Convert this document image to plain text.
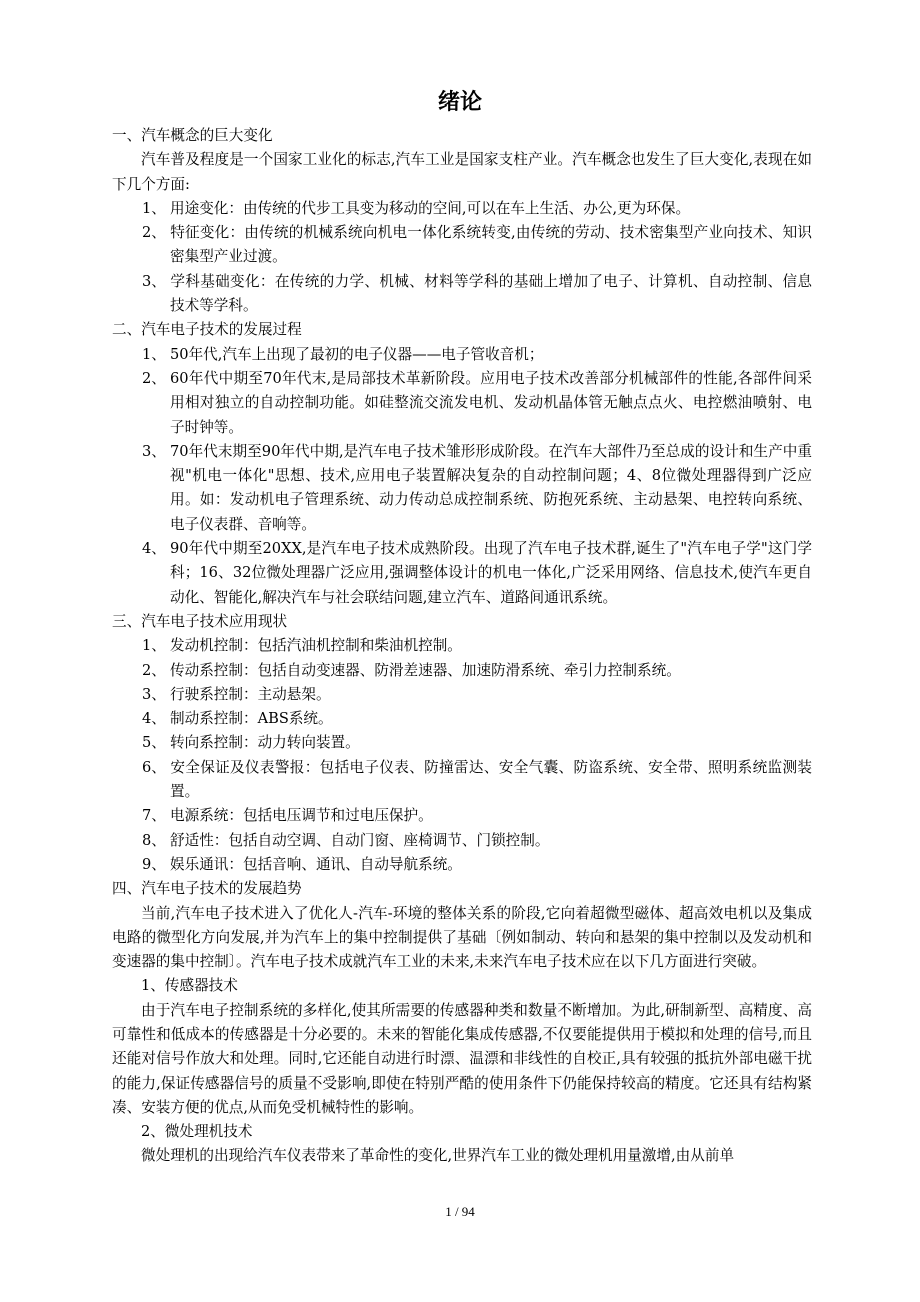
绪论
一、汽车概念的巨大变化
汽车普及程度是一个国家工业化的标志,汽车工业是国家支柱产业。汽车概念也发生了巨大变化,表现在如下几个方面:
1、 用途变化：由传统的代步工具变为移动的空间,可以在车上生活、办公,更为环保。
2、 特征变化：由传统的机械系统向机电一体化系统转变,由传统的劳动、技术密集型产业向技术、知识密集型产业过渡。
3、 学科基础变化：在传统的力学、机械、材料等学科的基础上增加了电子、计算机、自动控制、信息技术等学科。
二、汽车电子技术的发展过程
1、 50年代,汽车上出现了最初的电子仪器——电子管收音机；
2、 60年代中期至70年代末,是局部技术革新阶段。应用电子技术改善部分机械部件的性能,各部件间采用相对独立的自动控制功能。如硅整流交流发电机、发动机晶体管无触点点火、电控燃油喷射、电子时钟等。
3、 70年代末期至90年代中期,是汽车电子技术雏形形成阶段。在汽车大部件乃至总成的设计和生产中重视"机电一体化"思想、技术,应用电子装置解决复杂的自动控制问题；4、8位微处理器得到广泛应用。如：发动机电子管理系统、动力传动总成控制系统、防抱死系统、主动悬架、电控转向系统、电子仪表群、音响等。
4、 90年代中期至20XX,是汽车电子技术成熟阶段。出现了汽车电子技术群,诞生了"汽车电子学"这门学科；16、32位微处理器广泛应用,强调整体设计的机电一体化,广泛采用网络、信息技术,使汽车更自动化、智能化,解决汽车与社会联结问题,建立汽车、道路间通讯系统。
三、汽车电子技术应用现状
1、 发动机控制：包括汽油机控制和柴油机控制。
2、 传动系控制：包括自动变速器、防滑差速器、加速防滑系统、牵引力控制系统。
3、 行驶系控制：主动悬架。
4、 制动系控制：ABS系统。
5、 转向系控制：动力转向装置。
6、 安全保证及仪表警报：包括电子仪表、防撞雷达、安全气囊、防盗系统、安全带、照明系统监测装置。
7、 电源系统：包括电压调节和过电压保护。
8、 舒适性：包括自动空调、自动门窗、座椅调节、门锁控制。
9、 娱乐通讯：包括音响、通讯、自动导航系统。
四、汽车电子技术的发展趋势
当前,汽车电子技术进入了优化人-汽车-环境的整体关系的阶段,它向着超微型磁体、超高效电机以及集成电路的微型化方向发展,并为汽车上的集中控制提供了基础〔例如制动、转向和悬架的集中控制以及发动机和变速器的集中控制〕。汽车电子技术成就汽车工业的未来,未来汽车电子技术应在以下几方面进行突破。
1、传感器技术
由于汽车电子控制系统的多样化,使其所需要的传感器种类和数量不断增加。为此,研制新型、高精度、高可靠性和低成本的传感器是十分必要的。未来的智能化集成传感器,不仅要能提供用于模拟和处理的信号,而且还能对信号作放大和处理。同时,它还能自动进行时漂、温漂和非线性的自校正,具有较强的抵抗外部电磁干扰的能力,保证传感器信号的质量不受影响,即使在特别严酷的使用条件下仍能保持较高的精度。它还具有结构紧凑、安装方便的优点,从而免受机械特性的影响。
2、微处理机技术
微处理机的出现给汽车仪表带来了革命性的变化,世界汽车工业的微处理机用量激增,由从前单
1 / 94
